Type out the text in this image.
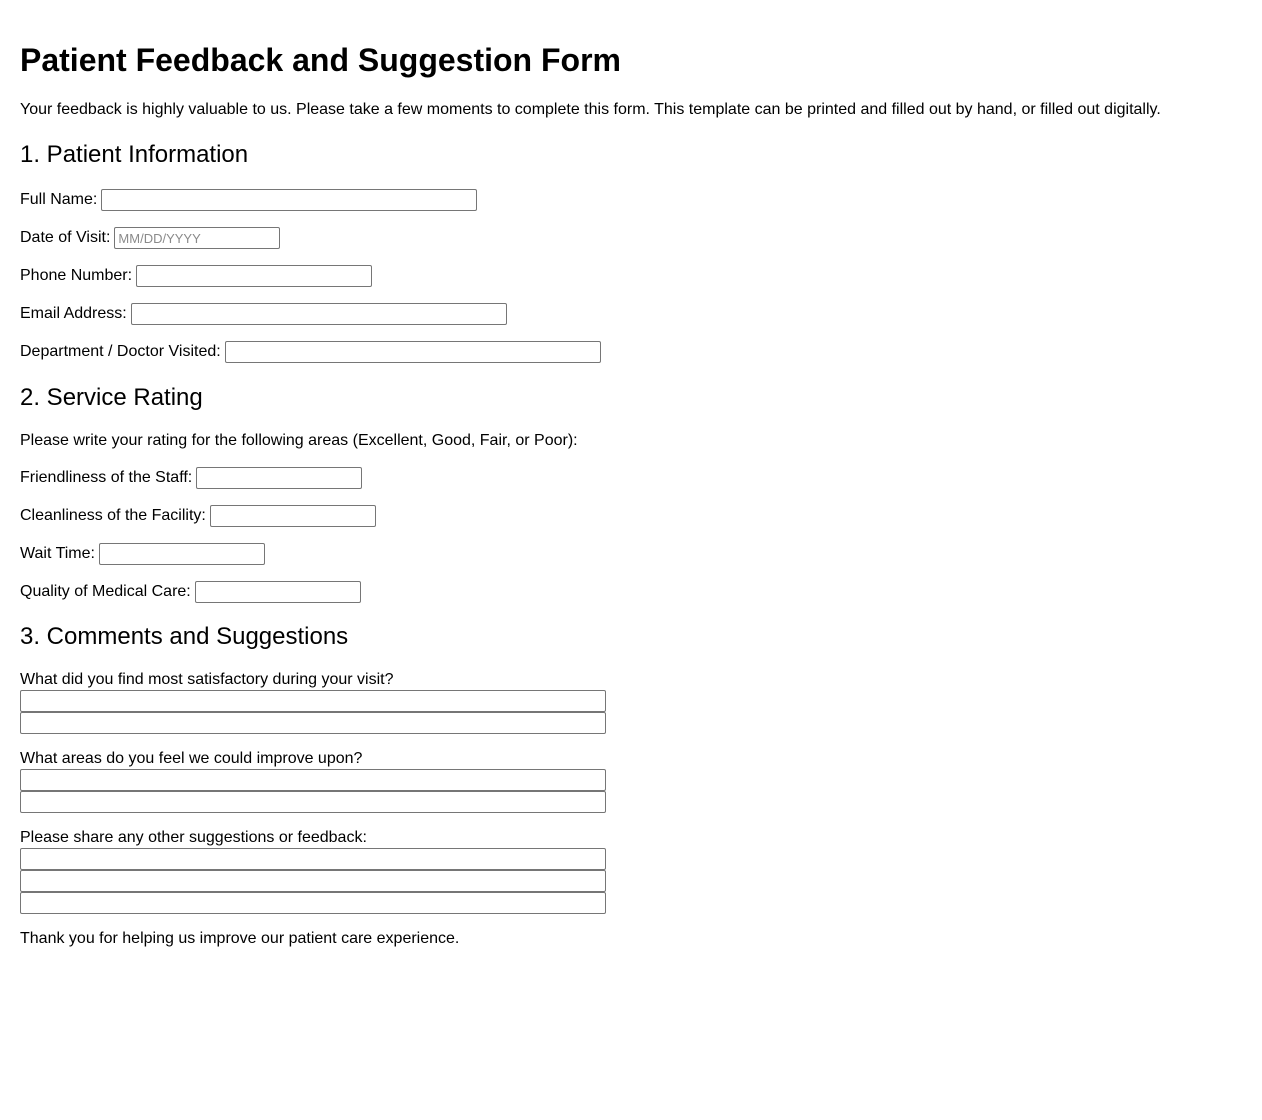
Patient Feedback and Suggestion Form
Your feedback is highly valuable to us. Please take a few moments to complete this form. This template can be printed and filled out by hand, or filled out digitally.
1. Patient Information
Full Name:
Date of Visit:
MM/DD/YYYY
Phone Number:
Email Address:
Department / Doctor Visited:
2. Service Rating
Please write your rating for the following areas (Excellent, Good, Fair, or Poor):
Friendliness of the Staff:
Cleanliness of the Facility:
Wait Time:
Quality of Medical Care:
3. Comments and Suggestions
What did you find most satisfactory during your visit?
What areas do you feel we could improve upon?
Please share any other suggestions or feedback:
Thank you for helping us improve our patient care experience.
